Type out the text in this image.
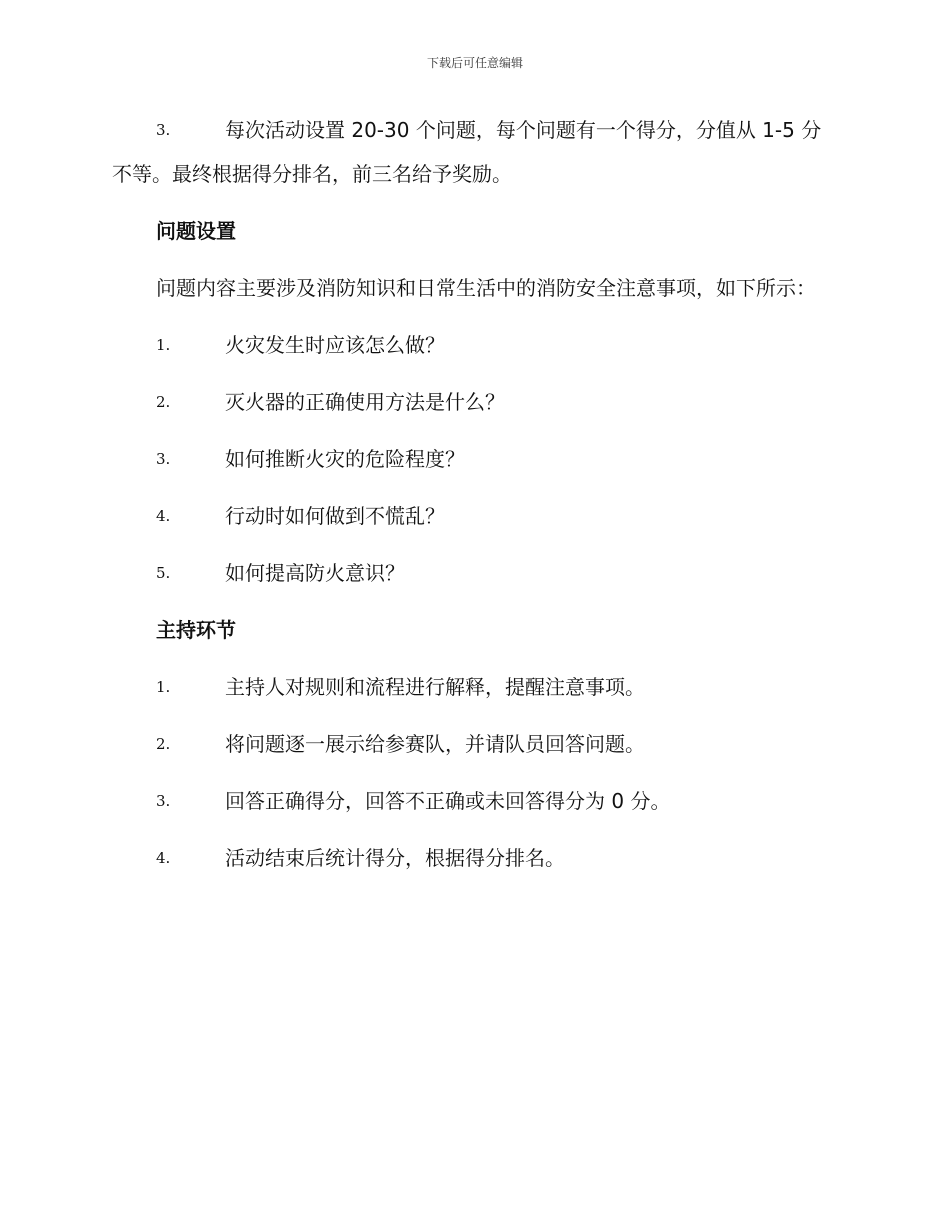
下载后可任意编辑
3.	每次活动设置 20-30 个问题，每个问题有一个得分，分值从 1-5 分不等。最终根据得分排名，前三名给予奖励。
问题设置

问题内容主要涉及消防知识和日常生活中的消防安全注意事项，如下所示：

1.	火灾发生时应该怎么做？
2.	灭火器的正确使用方法是什么？
3.	如何推断火灾的危险程度？
4.	行动时如何做到不慌乱？
5.	如何提高防火意识？
主持环节
1.	主持人对规则和流程进行解释，提醒注意事项。
2.	将问题逐一展示给参赛队，并请队员回答问题。
3.	回答正确得分，回答不正确或未回答得分为 0 分。
4.	活动结束后统计得分，根据得分排名。
